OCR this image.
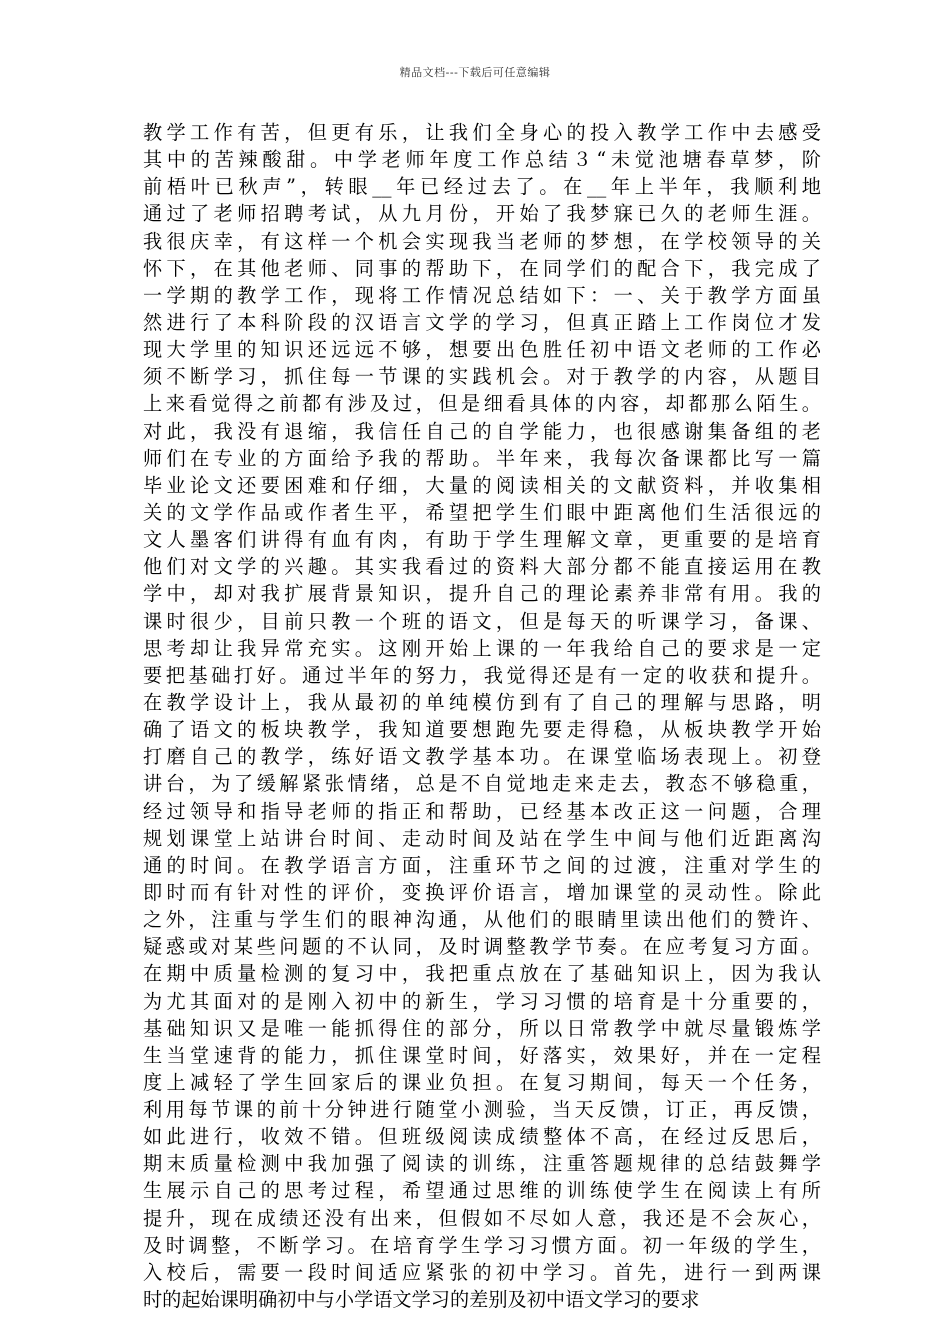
精品文档---下载后可任意编辑
教学工作有苦，但更有乐，让我们全身心的投入教学工作中去感受
其中的苦辣酸甜。中学老师年度工作总结３“未觉池塘春草梦，阶
前梧叶已秋声”，转眼__年已经过去了。在__年上半年，我顺利地
通过了老师招聘考试，从九月份，开始了我梦寐已久的老师生涯。
我很庆幸，有这样一个机会实现我当老师的梦想，在学校领导的关
怀下，在其他老师、同事的帮助下，在同学们的配合下，我完成了
一学期的教学工作，现将工作情况总结如下：一、关于教学方面虽
然进行了本科阶段的汉语言文学的学习，但真正踏上工作岗位才发
现大学里的知识还远远不够，想要出色胜任初中语文老师的工作必
须不断学习，抓住每一节课的实践机会。对于教学的内容，从题目
上来看觉得之前都有涉及过，但是细看具体的内容，却都那么陌生。
对此，我没有退缩，我信任自己的自学能力，也很感谢集备组的老
师们在专业的方面给予我的帮助。半年来，我每次备课都比写一篇
毕业论文还要困难和仔细，大量的阅读相关的文献资料，并收集相
关的文学作品或作者生平，希望把学生们眼中距离他们生活很远的
文人墨客们讲得有血有肉，有助于学生理解文章，更重要的是培育
他们对文学的兴趣。其实我看过的资料大部分都不能直接运用在教
学中，却对我扩展背景知识，提升自己的理论素养非常有用。我的
课时很少，目前只教一个班的语文，但是每天的听课学习，备课、
思考却让我异常充实。这刚开始上课的一年我给自己的要求是一定
要把基础打好。通过半年的努力，我觉得还是有一定的收获和提升。
在教学设计上，我从最初的单纯模仿到有了自己的理解与思路，明
确了语文的板块教学，我知道要想跑先要走得稳，从板块教学开始
打磨自己的教学，练好语文教学基本功。在课堂临场表现上。初登
讲台，为了缓解紧张情绪，总是不自觉地走来走去，教态不够稳重，
经过领导和指导老师的指正和帮助，已经基本改正这一问题，合理
规划课堂上站讲台时间、走动时间及站在学生中间与他们近距离沟
通的时间。在教学语言方面，注重环节之间的过渡，注重对学生的
即时而有针对性的评价，变换评价语言，增加课堂的灵动性。除此
之外，注重与学生们的眼神沟通，从他们的眼睛里读出他们的赞许、
疑惑或对某些问题的不认同，及时调整教学节奏。在应考复习方面。
在期中质量检测的复习中，我把重点放在了基础知识上，因为我认
为尤其面对的是刚入初中的新生，学习习惯的培育是十分重要的，
基础知识又是唯一能抓得住的部分，所以日常教学中就尽量锻炼学
生当堂速背的能力，抓住课堂时间，好落实，效果好，并在一定程
度上减轻了学生回家后的课业负担。在复习期间，每天一个任务，
利用每节课的前十分钟进行随堂小测验，当天反馈，订正，再反馈，
如此进行，收效不错。但班级阅读成绩整体不高，在经过反思后，
期末质量检测中我加强了阅读的训练，注重答题规律的总结鼓舞学
生展示自己的思考过程，希望通过思维的训练使学生在阅读上有所
提升，现在成绩还没有出来，但假如不尽如人意，我还是不会灰心，
及时调整，不断学习。在培育学生学习习惯方面。初一年级的学生，
入校后，需要一段时间适应紧张的初中学习。首先，进行一到两课
时的起始课明确初中与小学语文学习的差别及初中语文学习的要求
